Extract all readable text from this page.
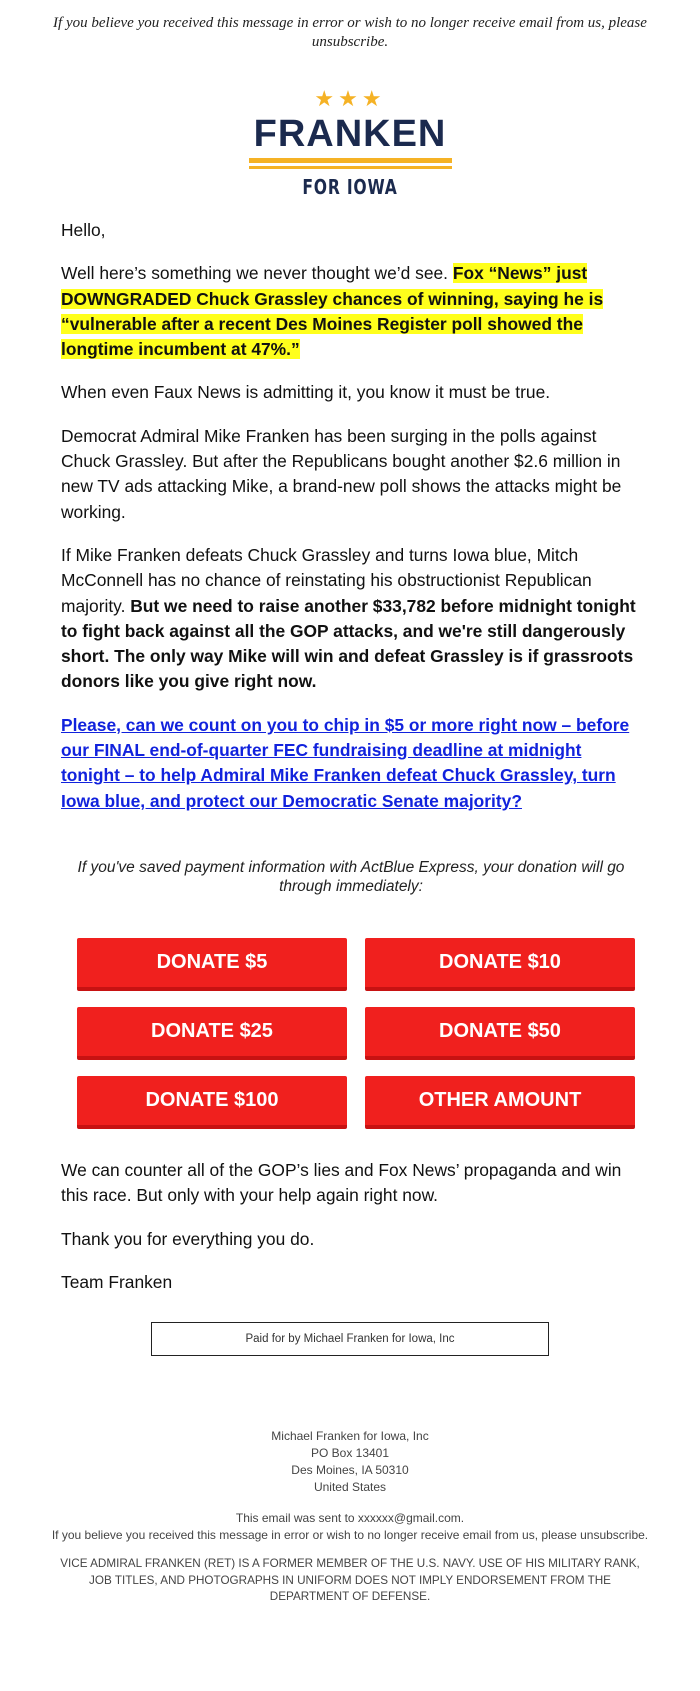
If you believe you received this message in error or wish to no longer receive email from us, please unsubscribe.
★★★
FRANKEN
FOR IOWA

Hello,

Well here’s something we never thought we’d see. Fox “News” just DOWNGRADED Chuck Grassley chances of winning, saying he is “vulnerable after a recent Des Moines Register poll showed the longtime incumbent at 47%.”

When even Faux News is admitting it, you know it must be true.

Democrat Admiral Mike Franken has been surging in the polls against Chuck Grassley. But after the Republicans bought another $2.6 million in new TV ads attacking Mike, a brand-new poll shows the attacks might be working.

If Mike Franken defeats Chuck Grassley and turns Iowa blue, Mitch McConnell has no chance of reinstating his obstructionist Republican majority. But we need to raise another $33,782 before midnight tonight to fight back against all the GOP attacks, and we're still dangerously short. The only way Mike will win and defeat Grassley is if grassroots donors like you give right now.

Please, can we count on you to chip in $5 or more right now – before our FINAL end-of-quarter FEC fundraising deadline at midnight tonight – to help Admiral Mike Franken defeat Chuck Grassley, turn Iowa blue, and protect our Democratic Senate majority?

If you've saved payment information with ActBlue Express, your donation will go through immediately:
DONATE $5	DONATE $10
DONATE $25	DONATE $50
DONATE $100	OTHER AMOUNT

We can counter all of the GOP’s lies and Fox News’ propaganda and win this race. But only with your help again right now.

Thank you for everything you do.

Team Franken

Paid for by Michael Franken for Iowa, Inc
Michael Franken for Iowa, Inc
PO Box 13401
Des Moines, IA 50310
United States
This email was sent to xxxxxx@gmail.com.
If you believe you received this message in error or wish to no longer receive email from us, please unsubscribe.
VICE ADMIRAL FRANKEN (RET) IS A FORMER MEMBER OF THE U.S. NAVY. USE OF HIS MILITARY RANK, JOB TITLES, AND PHOTOGRAPHS IN UNIFORM DOES NOT IMPLY ENDORSEMENT FROM THE DEPARTMENT OF DEFENSE.
